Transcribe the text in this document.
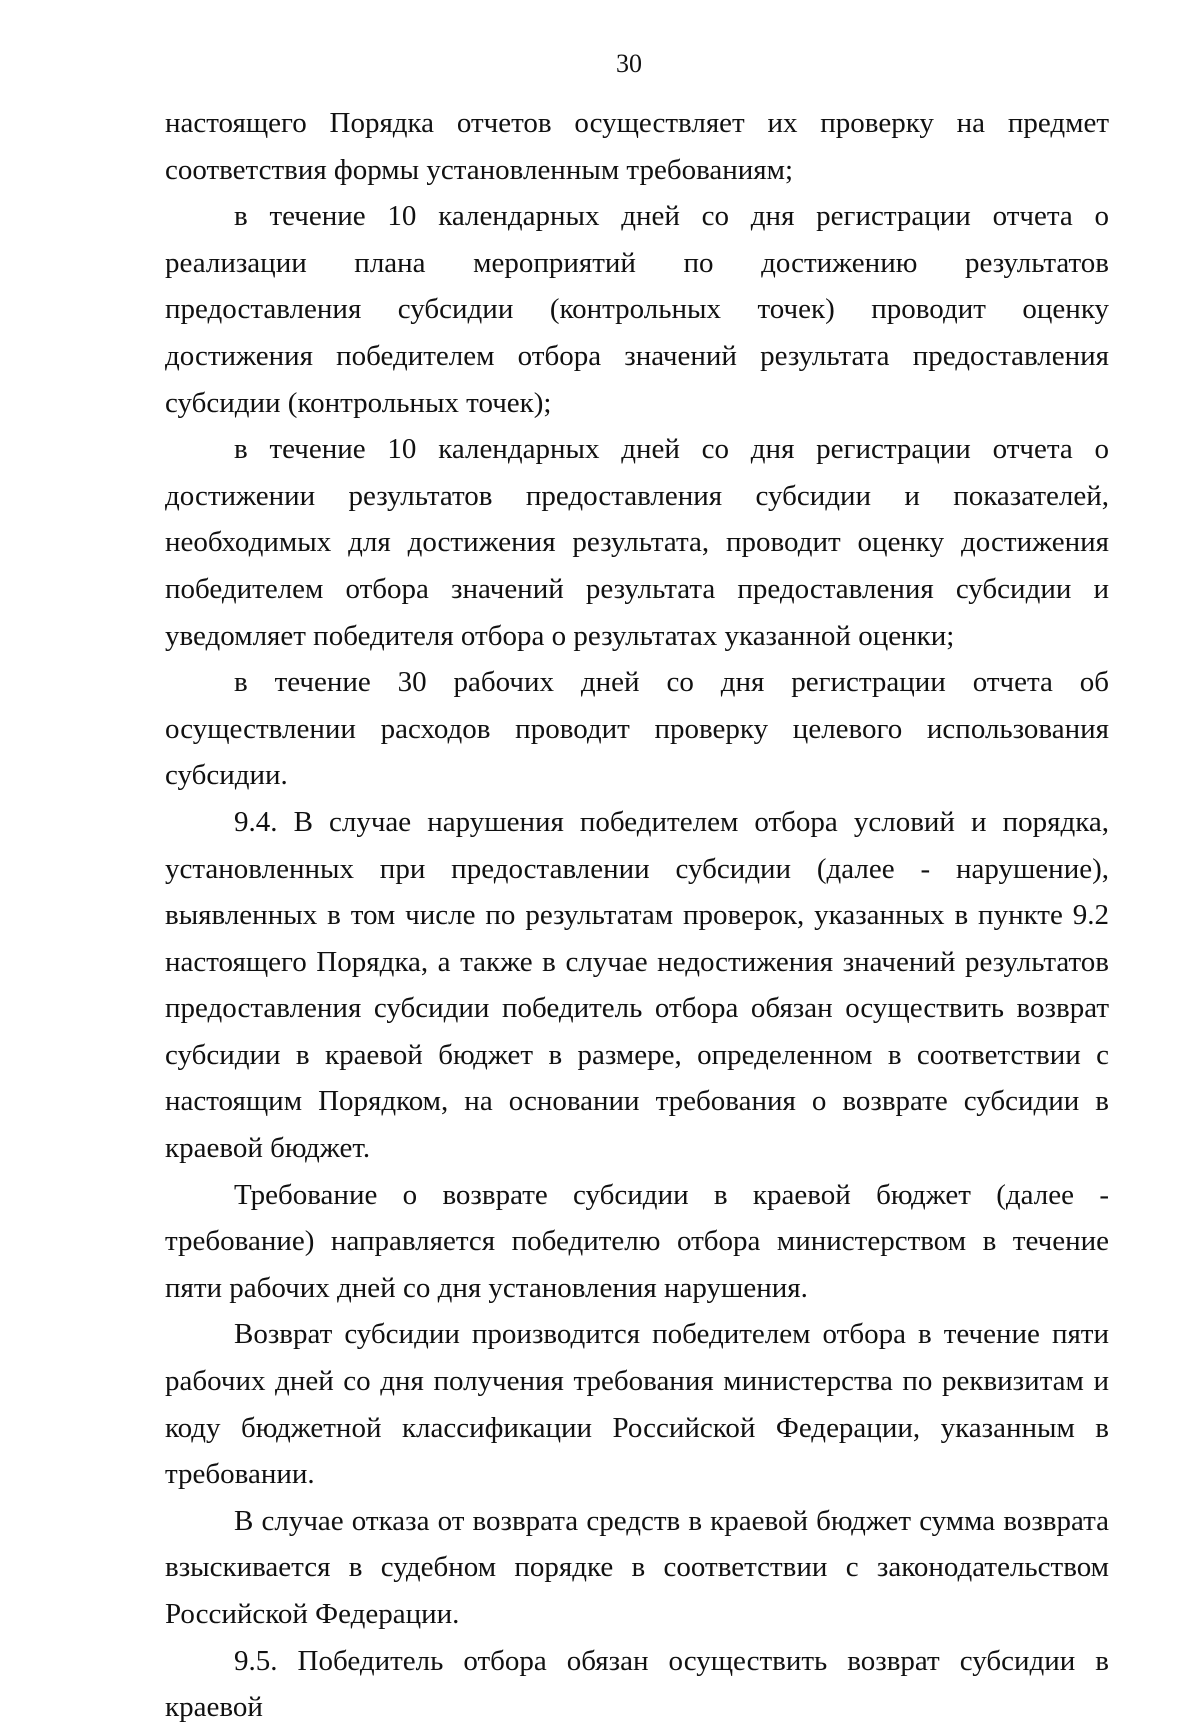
30

настоящего Порядка отчетов осуществляет их проверку на предмет соответствия формы установленным требованиям;

в течение 10 календарных дней со дня регистрации отчета о реализации плана мероприятий по достижению результатов предоставления субсидии (контрольных точек) проводит оценку достижения победителем отбора значений результата предоставления субсидии (контрольных точек);

в течение 10 календарных дней со дня регистрации отчета о достижении результатов предоставления субсидии и показателей, необходимых для достижения результата, проводит оценку достижения победителем отбора значений результата предоставления субсидии и уведомляет победителя отбора о результатах указанной оценки;

в течение 30 рабочих дней со дня регистрации отчета об осуществлении расходов проводит проверку целевого использования субсидии.

9.4. В случае нарушения победителем отбора условий и порядка, установленных при предоставлении субсидии (далее - нарушение), выявленных в том числе по результатам проверок, указанных в пункте 9.2 настоящего Порядка, а также в случае недостижения значений результатов предоставления субсидии победитель отбора обязан осуществить возврат субсидии в краевой бюджет в размере, определенном в соответствии с настоящим Порядком, на основании требования о возврате субсидии в краевой бюджет.

Требование о возврате субсидии в краевой бюджет (далее - требование) направляется победителю отбора министерством в течение пяти рабочих дней со дня установления нарушения.

Возврат субсидии производится победителем отбора в течение пяти рабочих дней со дня получения требования министерства по реквизитам и коду бюджетной классификации Российской Федерации, указанным в требовании.

В случае отказа от возврата средств в краевой бюджет сумма возврата взыскивается в судебном порядке в соответствии с законодательством Российской Федерации.

9.5. Победитель отбора обязан осуществить возврат субсидии в краевой
